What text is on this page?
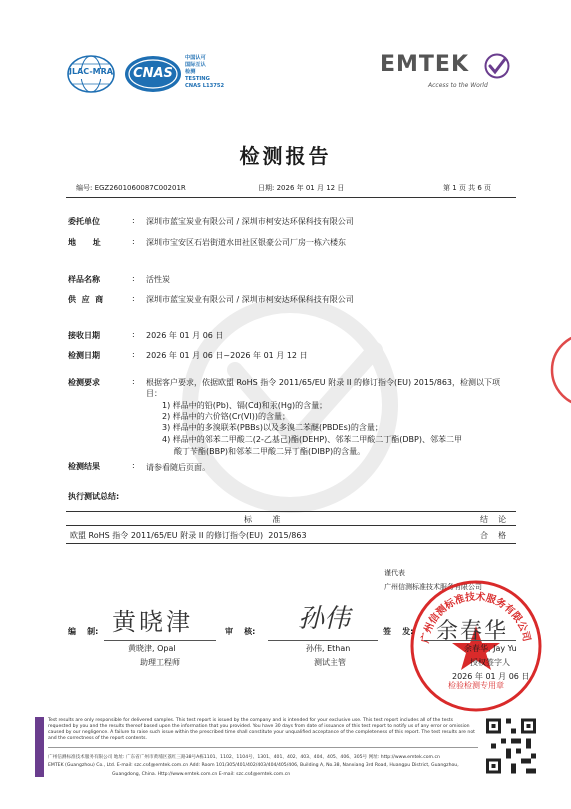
ILAC-MRA	CNAS
中国认可
国际互认
检测
TESTING
CNAS L13752
EMTEK
Access to the World
检测报告
编号: EGZ2601060087C00201R	日期: 2026 年 01 月 12 日	第 1 页 共 6 页
委托单位	: 深圳市蓝宝炭业有限公司 / 深圳市柯安达环保科技有限公司
地      址	: 深圳市宝安区石岩街道水田社区银豪公司厂房一栋六楼东
样品名称	: 活性炭
供  应  商	: 深圳市蓝宝炭业有限公司 / 深圳市柯安达环保科技有限公司
接收日期	: 2026 年 01 月 06 日
检测日期	: 2026 年 01 月 06 日~2026 年 01 月 12 日
检测要求	: 根据客户要求，依据欧盟 RoHS 指令 2011/65/EU 附录 II 的修订指令(EU) 2015/863，检测以下项目：
1) 样品中的铅(Pb)、镉(Cd)和汞(Hg)的含量；
2) 样品中的六价铬(Cr(VI))的含量；
3) 样品中的多溴联苯(PBBs)以及多溴二苯醚(PBDEs)的含量；
4) 样品中的邻苯二甲酸二(2-乙基己)酯(DEHP)、邻苯二甲酸二丁酯(DBP)、邻苯二甲
酸丁苄酯(BBP)和邻苯二甲酸二异丁酯(DIBP)的含量。
检测结果	: 请参看随后页面。
执行测试总结:
标        准	结    论
欧盟 RoHS 指令 2011/65/EU 附录 II 的修订指令(EU)  2015/863	合    格
谨代表
广州信测标准技术服务有限公司
广州信测标准技术服务有限公司
检验检测专用章
编    制: 黄晓津
黄晓津, Opal
助理工程师
审    核: 孙伟
孙伟, Ethan
测试主管
签    发: 余春华
余春华, Jay Yu
授权签字人
2026 年 01 月 06 日
Test results are only responsible for delivered samples. This test report is issued by the company and is intended for your exclusive use. This test report includes all of the tests
requested by you and the results thereof based upon the information that you provided. You have 30 days from date of issuance of this test report to notify us of any error or omission
caused by our negligence. A failure to raise such issue within the prescribed time shall constitute your unqualified acceptance of the completeness of this report. The test results are not
and the correctness of the report contents.
广州信测标准技术服务有限公司 地址: 广东省广州市黄埔区荔红三路38号A栋1101、1102、1104号、1301、401、402、403、404、405、406、305号 网址: http://www.emtek.com.cn
EMTEK (Guangzhou) Co., Ltd. E-mail: szc.cs4@emtek.com.cn Add: Room 101/305/401/402/403/404/405/406, Building A, No.38, Nanxiang 3rd Road, Huangpu District, Guangzhou,
Guangdong, China. Http://www.emtek.com.cn E-mail: szc.cs4@emtek.com.cn
